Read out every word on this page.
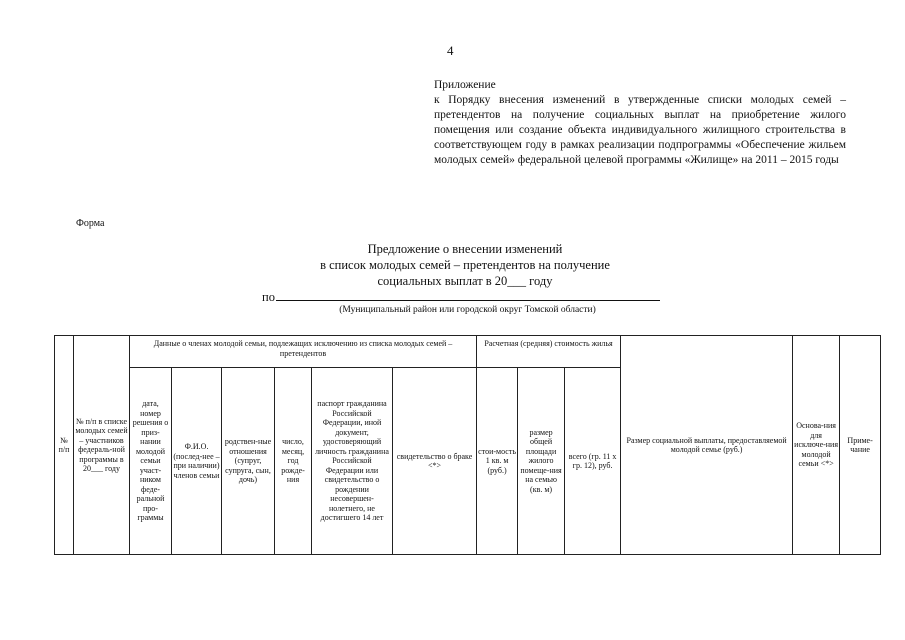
4
Приложение
к Порядку внесения изменений в утвержденные списки молодых семей – претендентов на получение социальных выплат на приобретение жилого помещения или создание объекта индивидуального жилищного строительства в соответствующем году в рамках реализации подпрограммы «Обеспечение жильем молодых семей» федеральной целевой программы «Жилище» на 2011 – 2015 годы
Форма
Предложение о внесении изменений
в список молодых семей – претендентов на получение
социальных выплат в 20___ году
по
(Муниципальный район или городской округ Томской области)
№ п/п	№ п/п в списке молодых семей – участников федераль-ной программы в 20___ году	Данные о членах молодой семьи, подлежащих исключению из списка молодых семей – претендентов						Расчетная (средняя) стоимость жилья			Размер социальной выплаты, предоставляемой молодой семье (руб.)	Основа-ния для исключе-ния молодой семьи <*>	Приме-чание
		дата, номер решения о приз-нании молодой семьи участ-ником феде-ральной про-граммы	Ф.И.О. (послед-нее – при наличии) членов семьи	родствен-ные отношения (супруг, супруга, сын, дочь)	число, месяц, год рожде-ния	паспорт гражданина Российской Федерации, иной документ, удостоверяющий личность гражданина Российской Федерации или свидетельство о рождении несовершен-нолетнего, не достигшего 14 лет	свидетельство о браке <*>	стои-мость 1 кв. м (руб.)	размер общей площади жилого помеще-ния на семью (кв. м)	всего (гр. 11 x гр. 12), руб.			
